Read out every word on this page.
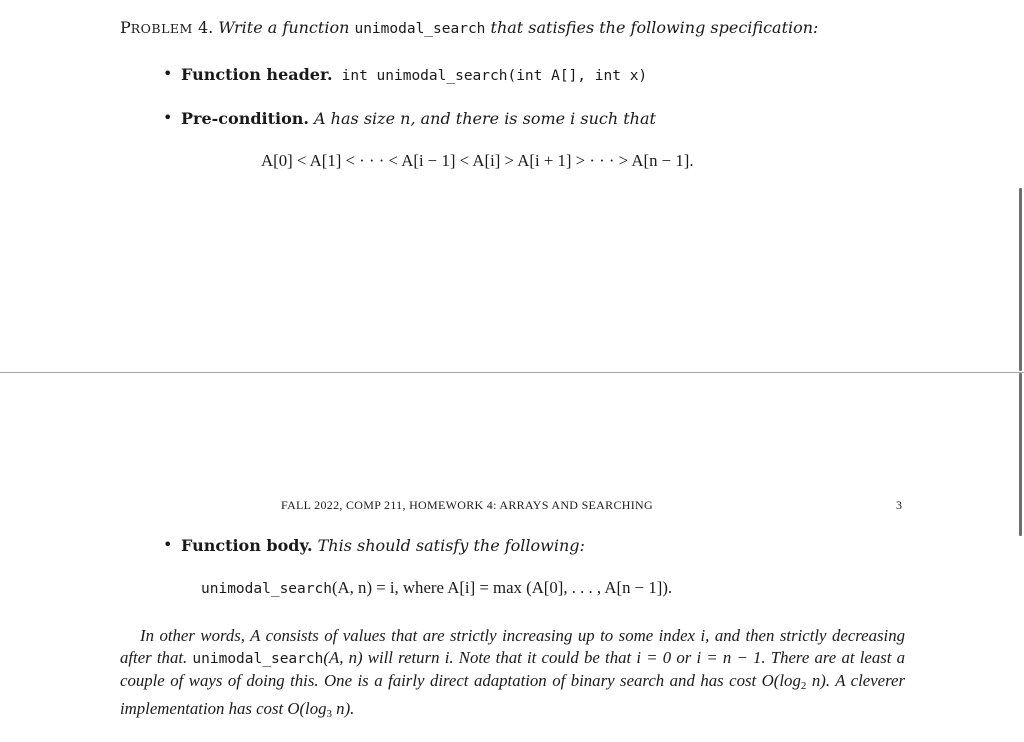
PROBLEM 4. Write a function unimodal_search that satisfies the following specification:
• Function header. int unimodal_search(int A[], int x)
• Pre-condition. A has size n, and there is some i such that
A[0] < A[1] < · · · < A[i − 1] < A[i] > A[i + 1] > · · · > A[n − 1].
FALL 2022, COMP 211, HOMEWORK 4: ARRAYS AND SEARCHING	3
• Function body. This should satisfy the following:
unimodal_search(A, n) = i, where A[i] = max (A[0], . . . , A[n − 1]).
In other words, A consists of values that are strictly increasing up to some index i, and then strictly decreasing after that. unimodal_search(A, n) will return i. Note that it could be that i = 0 or i = n − 1. There are at least a couple of ways of doing this. One is a fairly direct adaptation of binary search and has cost $O(\log_2$ n). A cleverer implementation has cost $O(\log_3$ n).
